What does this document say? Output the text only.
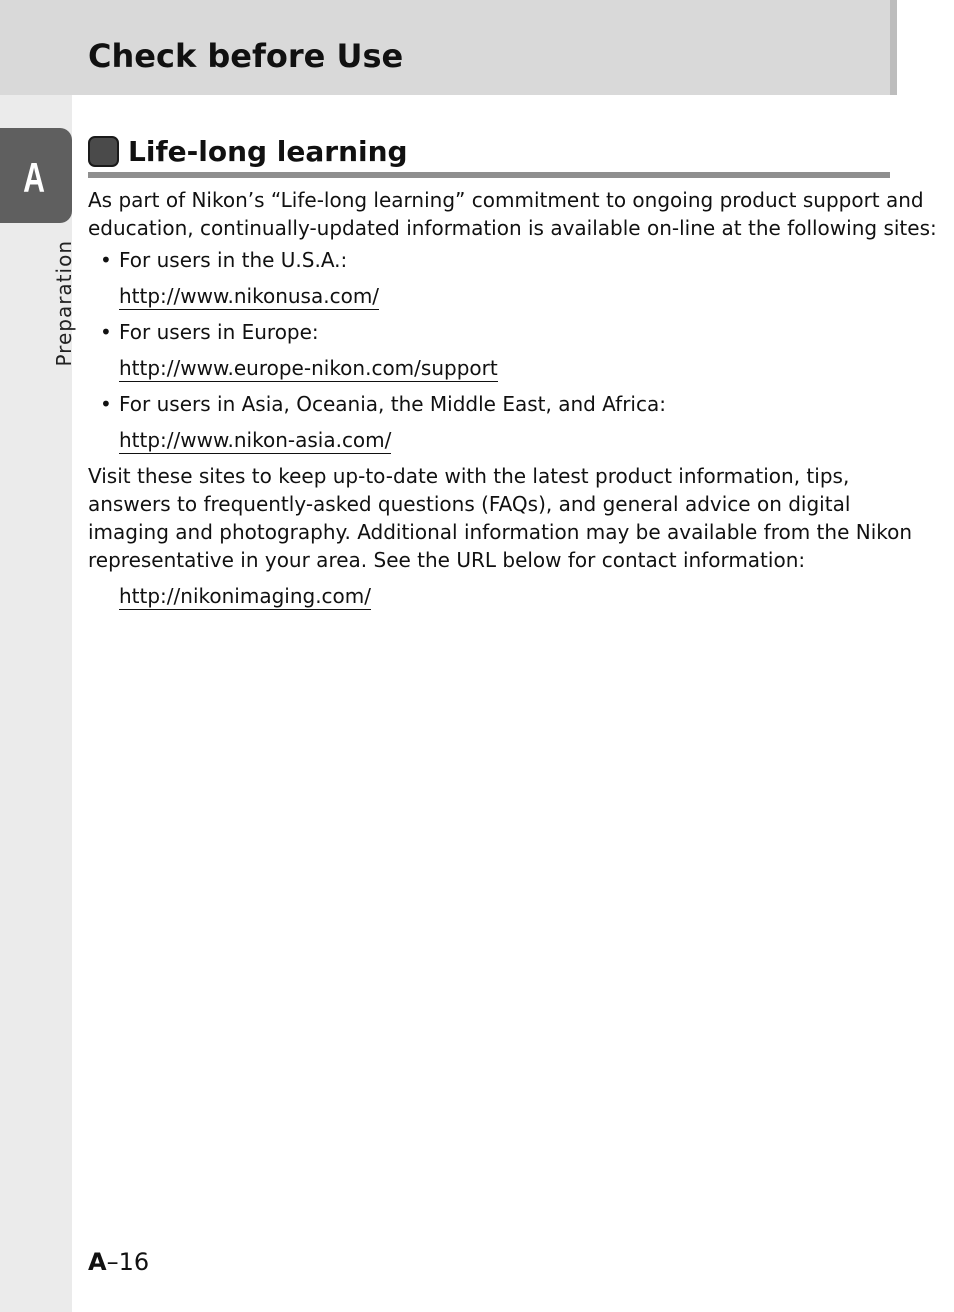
Check before Use
A
Preparation
Life-long learning

As part of Nikon’s “Life-long learning” commitment to ongoing product support and
education, continually-updated information is available on-line at the following sites:

• For users in the U.S.A.:
http://www.nikonusa.com/
• For users in Europe:
http://www.europe-nikon.com/support
• For users in Asia, Oceania, the Middle East, and Africa:
http://www.nikon-asia.com/

Visit these sites to keep up-to-date with the latest product information, tips,
answers to frequently-asked questions (FAQs), and general advice on digital
imaging and photography. Additional information may be available from the Nikon
representative in your area. See the URL below for contact information:

http://nikonimaging.com/
A–16
